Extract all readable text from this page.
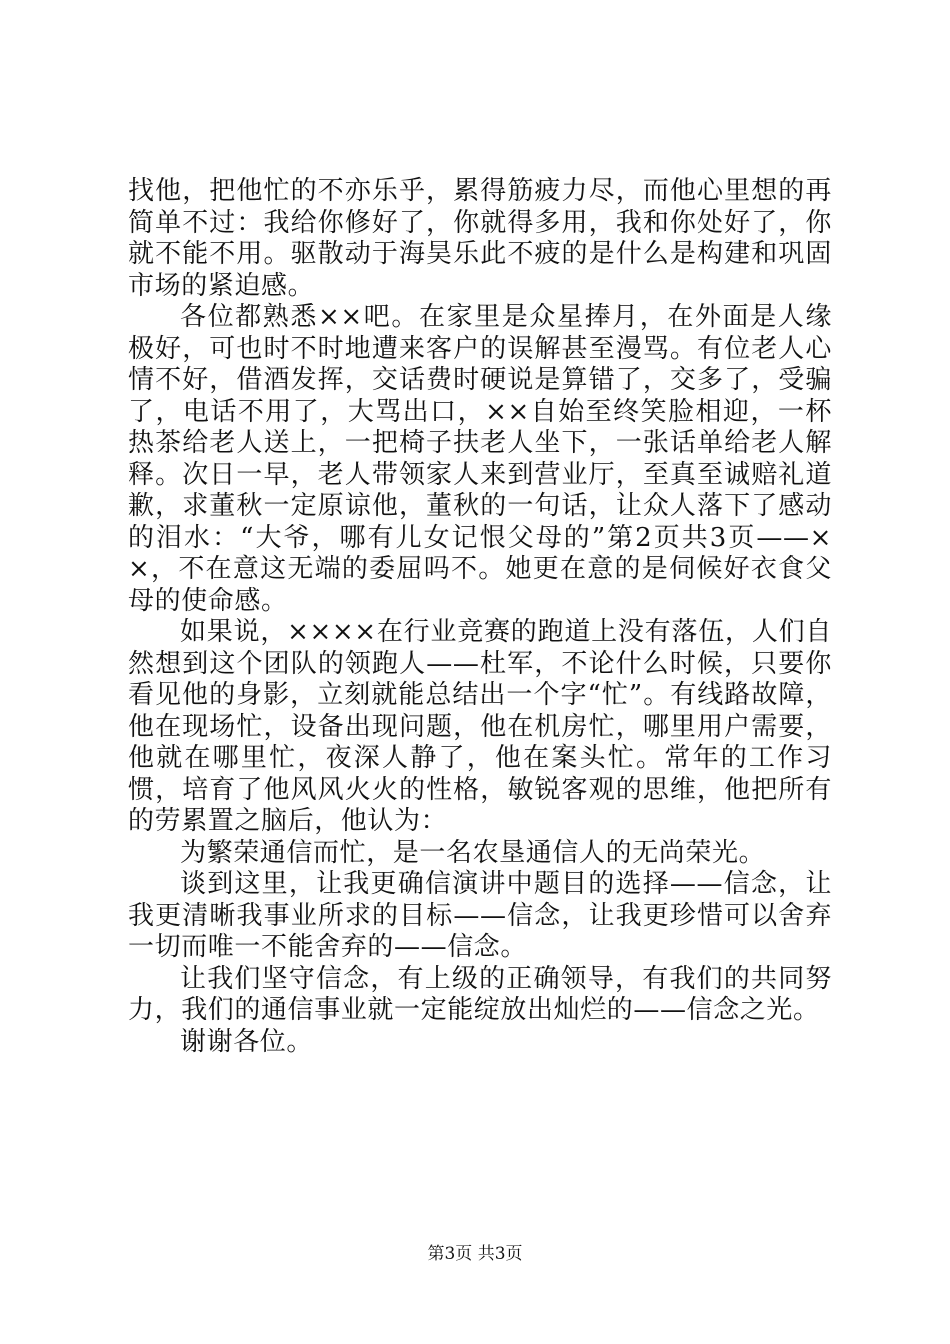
找他，把他忙的不亦乐乎，累得筋疲力尽，而他心里想的再简单不过：我给你修好了，你就得多用，我和你处好了，你就不能不用。驱散动于海昊乐此不疲的是什么是构建和巩固市场的紧迫感。

各位都熟悉××吧。在家里是众星捧月，在外面是人缘极好，可也时不时地遭来客户的误解甚至漫骂。有位老人心情不好，借酒发挥，交话费时硬说是算错了，交多了，受骗了，电话不用了，大骂出口，××自始至终笑脸相迎，一杯热茶给老人送上，一把椅子扶老人坐下，一张话单给老人解释。次日一早，老人带领家人来到营业厅，至真至诚赔礼道歉，求董秋一定原谅他，董秋的一句话，让众人落下了感动的泪水：“大爷，哪有儿女记恨父母的”第2页共3页——××，不在意这无端的委屈吗不。她更在意的是伺候好衣食父母的使命感。

如果说，××××在行业竞赛的跑道上没有落伍，人们自然想到这个团队的领跑人——杜军，不论什么时候，只要你看见他的身影，立刻就能总结出一个字“忙”。有线路故障，他在现场忙，设备出现问题，他在机房忙，哪里用户需要，他就在哪里忙，夜深人静了，他在案头忙。常年的工作习惯，培育了他风风火火的性格，敏锐客观的思维，他把所有的劳累置之脑后，他认为：

为繁荣通信而忙，是一名农垦通信人的无尚荣光。

谈到这里，让我更确信演讲中题目的选择——信念，让我更清晰我事业所求的目标——信念，让我更珍惜可以舍弃一切而唯一不能舍弃的——信念。

让我们坚守信念，有上级的正确领导，有我们的共同努力，我们的通信事业就一定能绽放出灿烂的——信念之光。

谢谢各位。

第3页 共3页
